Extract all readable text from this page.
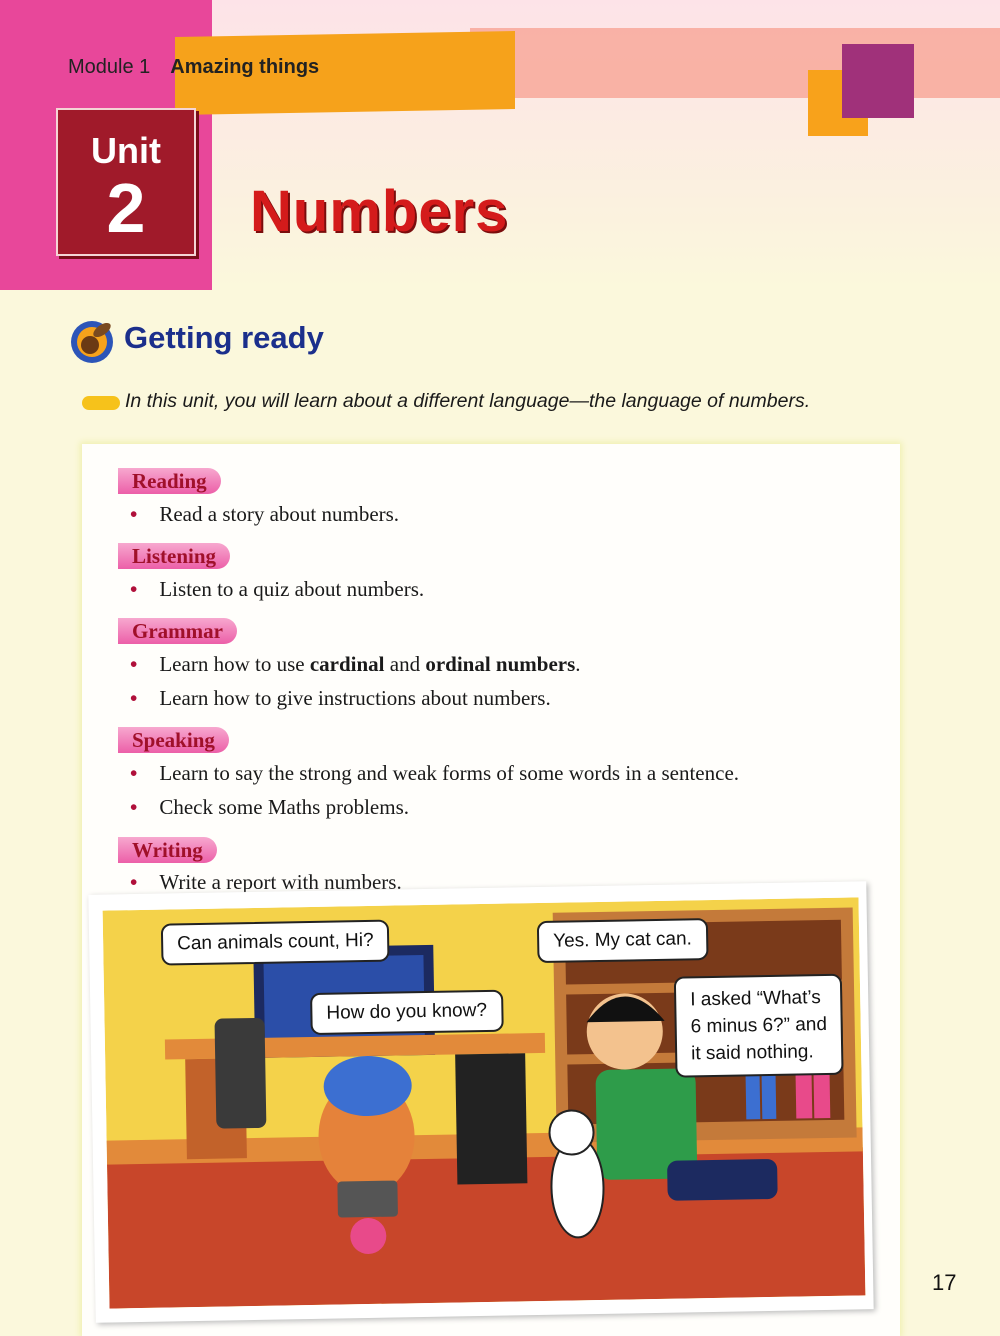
Module 1 Amazing things
Unit
2	Numbers
Getting ready
In this unit, you will learn about a different language—the language of numbers.
Reading
• Read a story about numbers.
Listening
• Listen to a quiz about numbers.
Grammar
• Learn how to use cardinal and ordinal numbers.
• Learn how to give instructions about numbers.
Speaking
• Learn to say the strong and weak forms of some words in a sentence.
• Check some Maths problems.
Writing
• Write a report with numbers.
Can animals count, Hi?
How do you know?
Yes. My cat can.
I asked “What’s
6 minus 6?” and
it said nothing.
17
